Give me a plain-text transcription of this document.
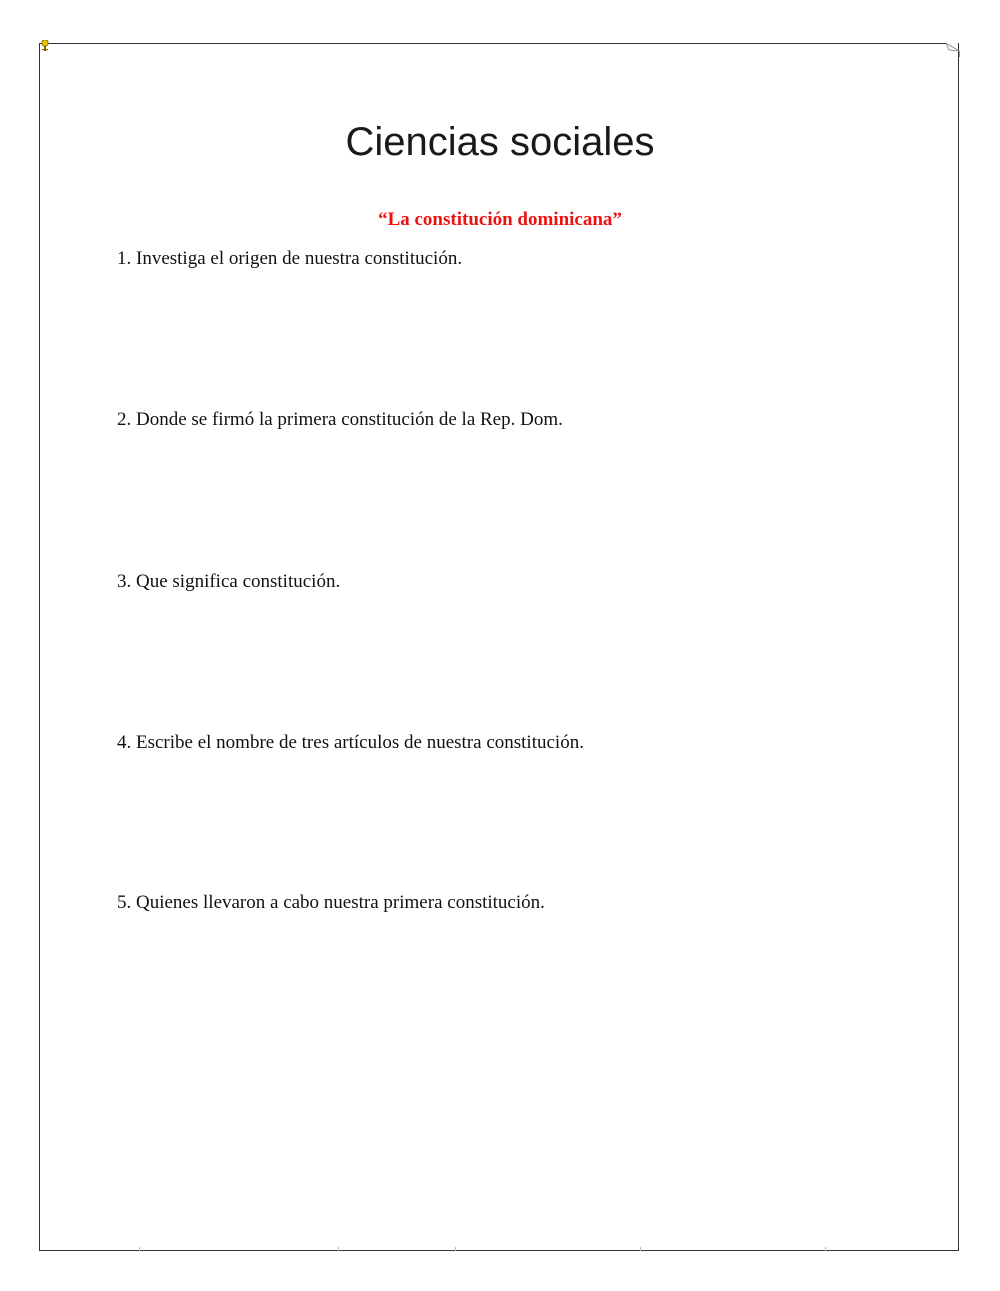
Ciencias sociales

“La constitución dominicana”

1. Investiga el origen de nuestra constitución.

2. Donde se firmó la primera constitución de la Rep. Dom.

3. Que significa constitución.

4. Escribe el nombre de tres artículos de nuestra constitución.

5. Quienes llevaron a cabo nuestra primera constitución.
